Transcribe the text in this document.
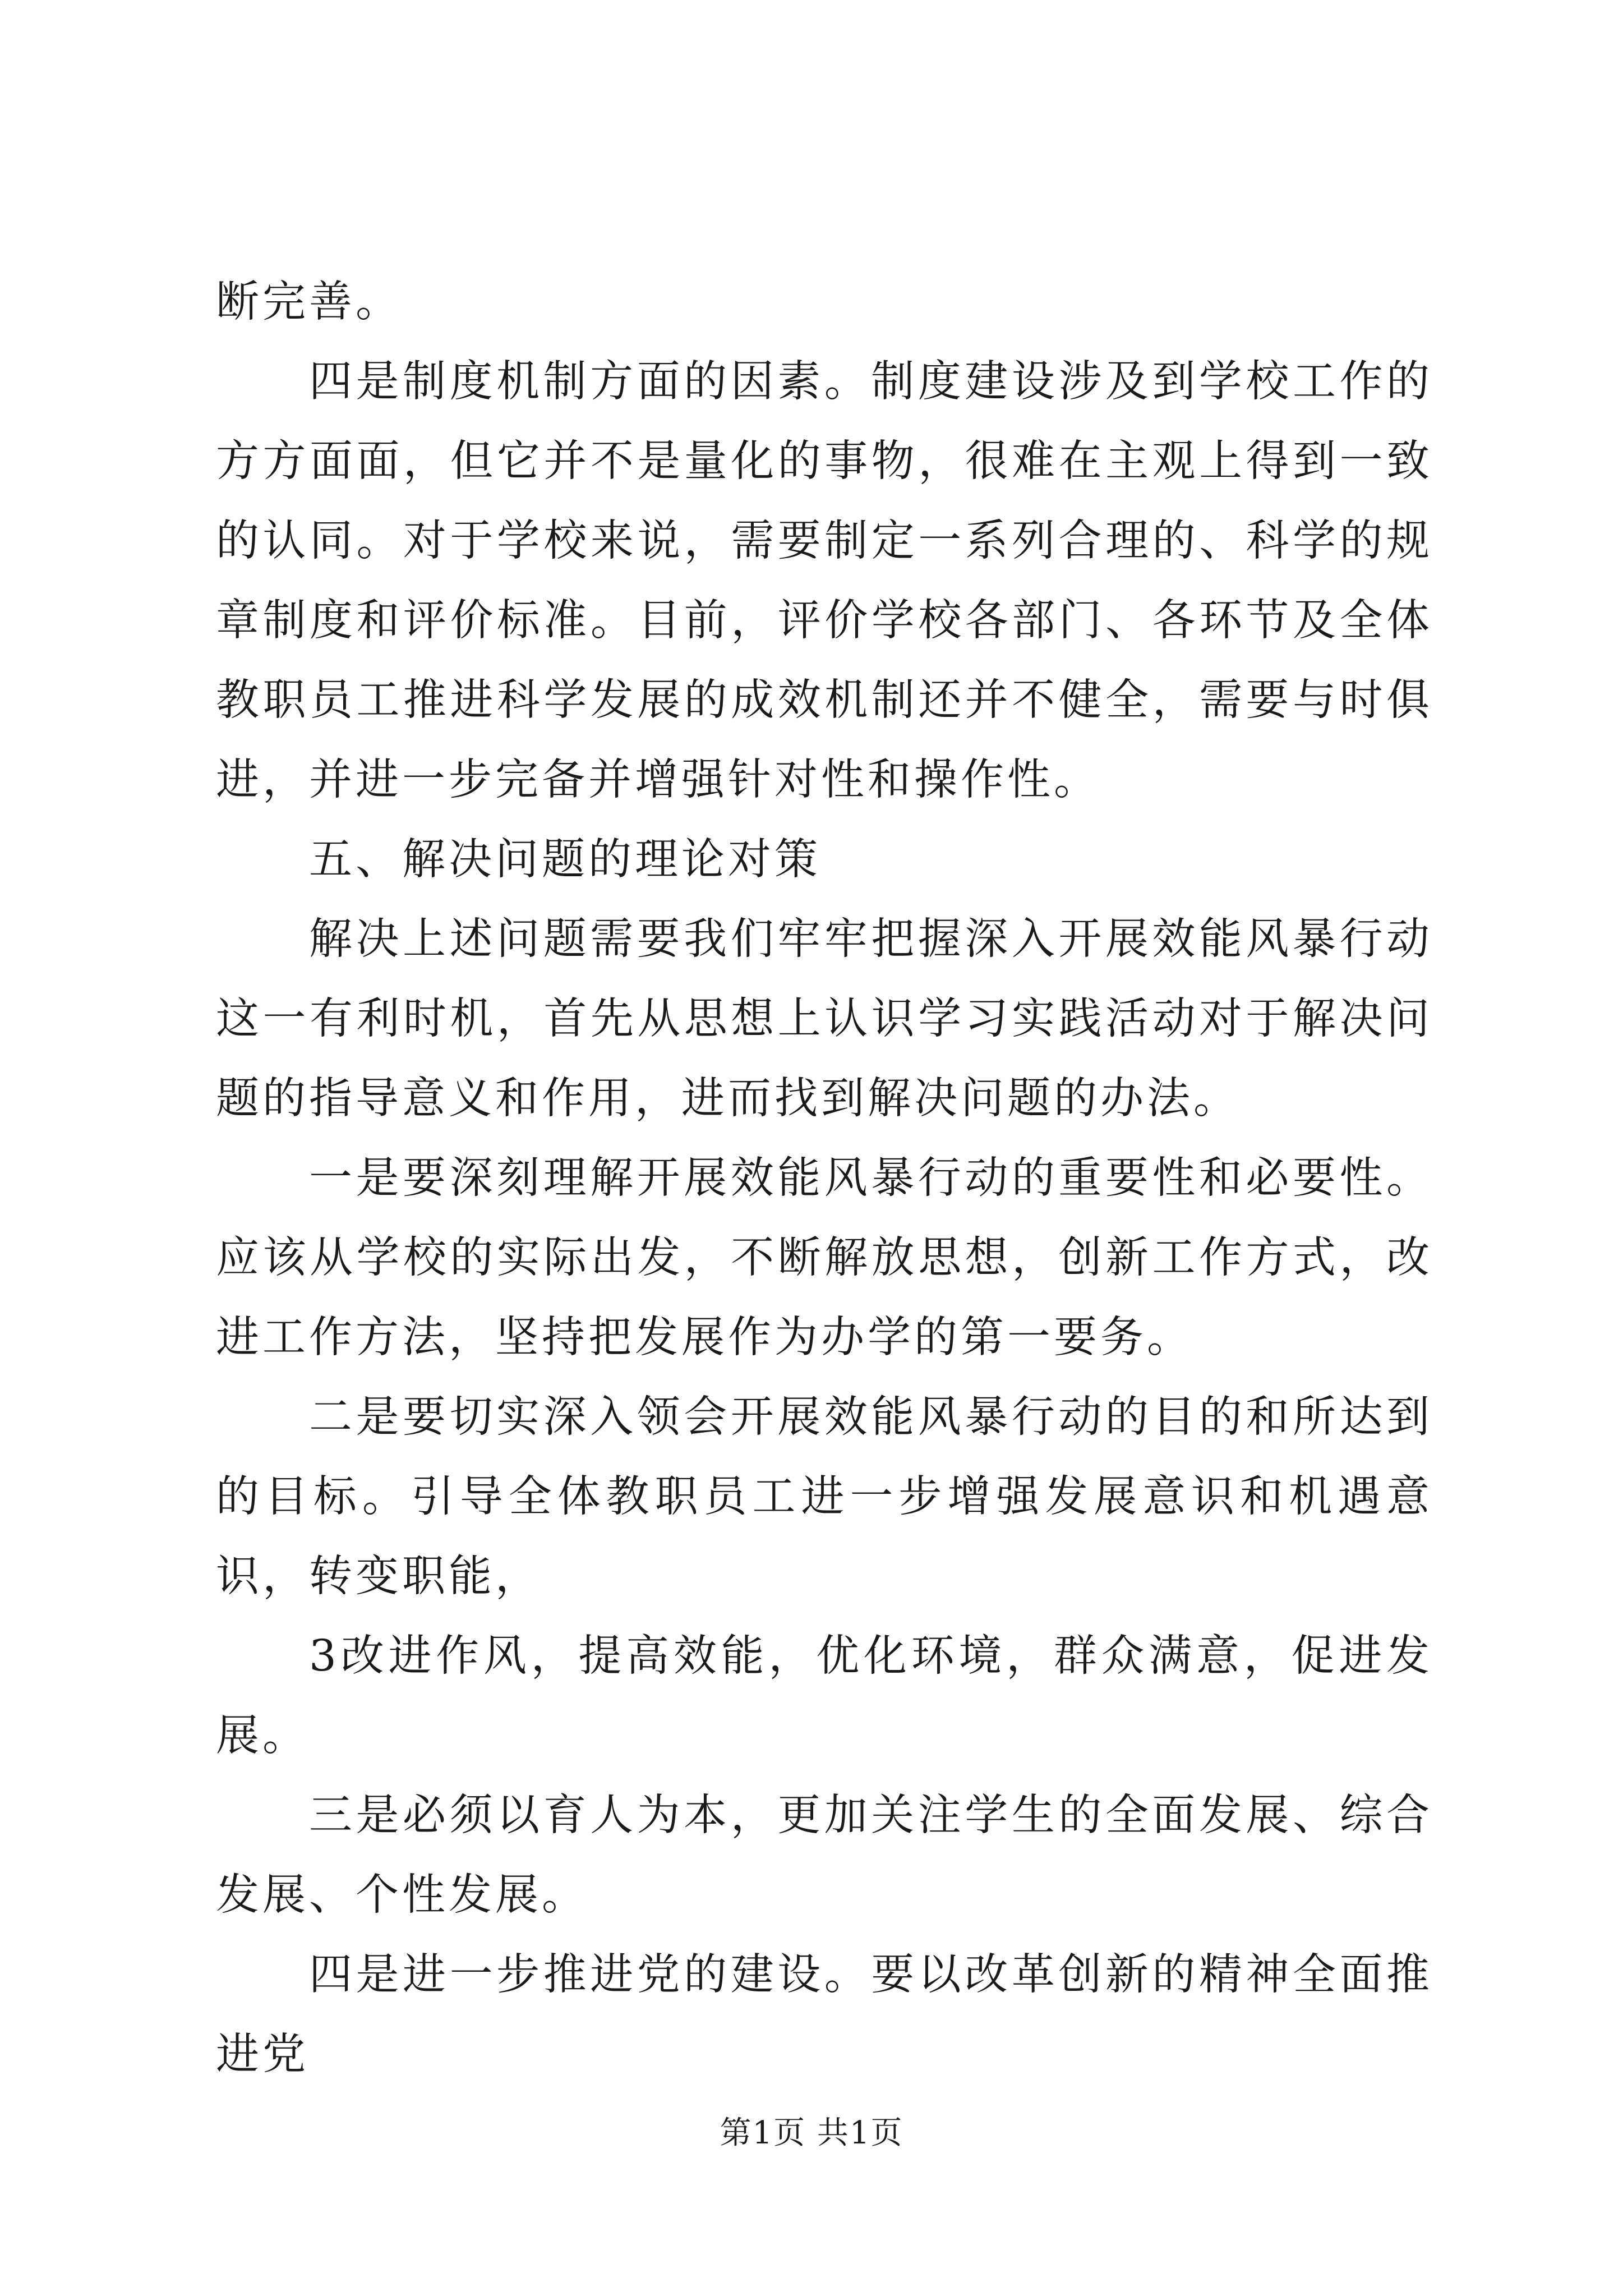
断完善。

四是制度机制方面的因素。制度建设涉及到学校工作的方方面面，但它并不是量化的事物，很难在主观上得到一致的认同。对于学校来说，需要制定一系列合理的、科学的规章制度和评价标准。目前，评价学校各部门、各环节及全体教职员工推进科学发展的成效机制还并不健全，需要与时俱进，并进一步完备并增强针对性和操作性。

五、解决问题的理论对策

解决上述问题需要我们牢牢把握深入开展效能风暴行动这一有利时机，首先从思想上认识学习实践活动对于解决问题的指导意义和作用，进而找到解决问题的办法。

一是要深刻理解开展效能风暴行动的重要性和必要性。应该从学校的实际出发，不断解放思想，创新工作方式，改进工作方法，坚持把发展作为办学的第一要务。

二是要切实深入领会开展效能风暴行动的目的和所达到的目标。引导全体教职员工进一步增强发展意识和机遇意识，转变职能，

3改进作风，提高效能，优化环境，群众满意，促进发展。

三是必须以育人为本，更加关注学生的全面发展、综合发展、个性发展。

四是进一步推进党的建设。要以改革创新的精神全面推进党

第1页 共1页
